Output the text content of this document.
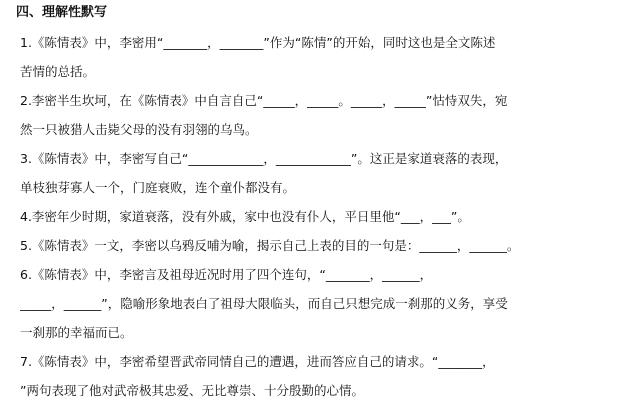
四、理解性默写
1.《陈情表》中，李密用“_______，_______”作为“陈情”的开始，同时这也是全文陈述
苦情的总括。
2.李密半生坎坷，在《陈情表》中自言自己“_____，_____。_____，_____”怙恃双失，宛
然一只被猎人击毙父母的没有羽翎的乌鸟。
3.《陈情表》中，李密写自己“____________，____________”。这正是家道衰落的表现，
单枝独芽寡人一个，门庭衰败，连个童仆都没有。
4.李密年少时期，家道衰落，没有外戚，家中也没有仆人，平日里他“___，___”。
5.《陈情表》一文，李密以乌鸦反哺为喻，揭示自己上表的目的一句是：______，______。
6.《陈情表》中，李密言及祖母近况时用了四个连句，“_______，______，
_____，______”，隐喻形象地表白了祖母大限临头，而自己只想完成一刹那的义务，享受
一刹那的幸福而已。
7.《陈情表》中，李密希望晋武帝同情自己的遭遇，进而答应自己的请求。“_______，
”两句表现了他对武帝极其忠爱、无比尊崇、十分殷勤的心情。
